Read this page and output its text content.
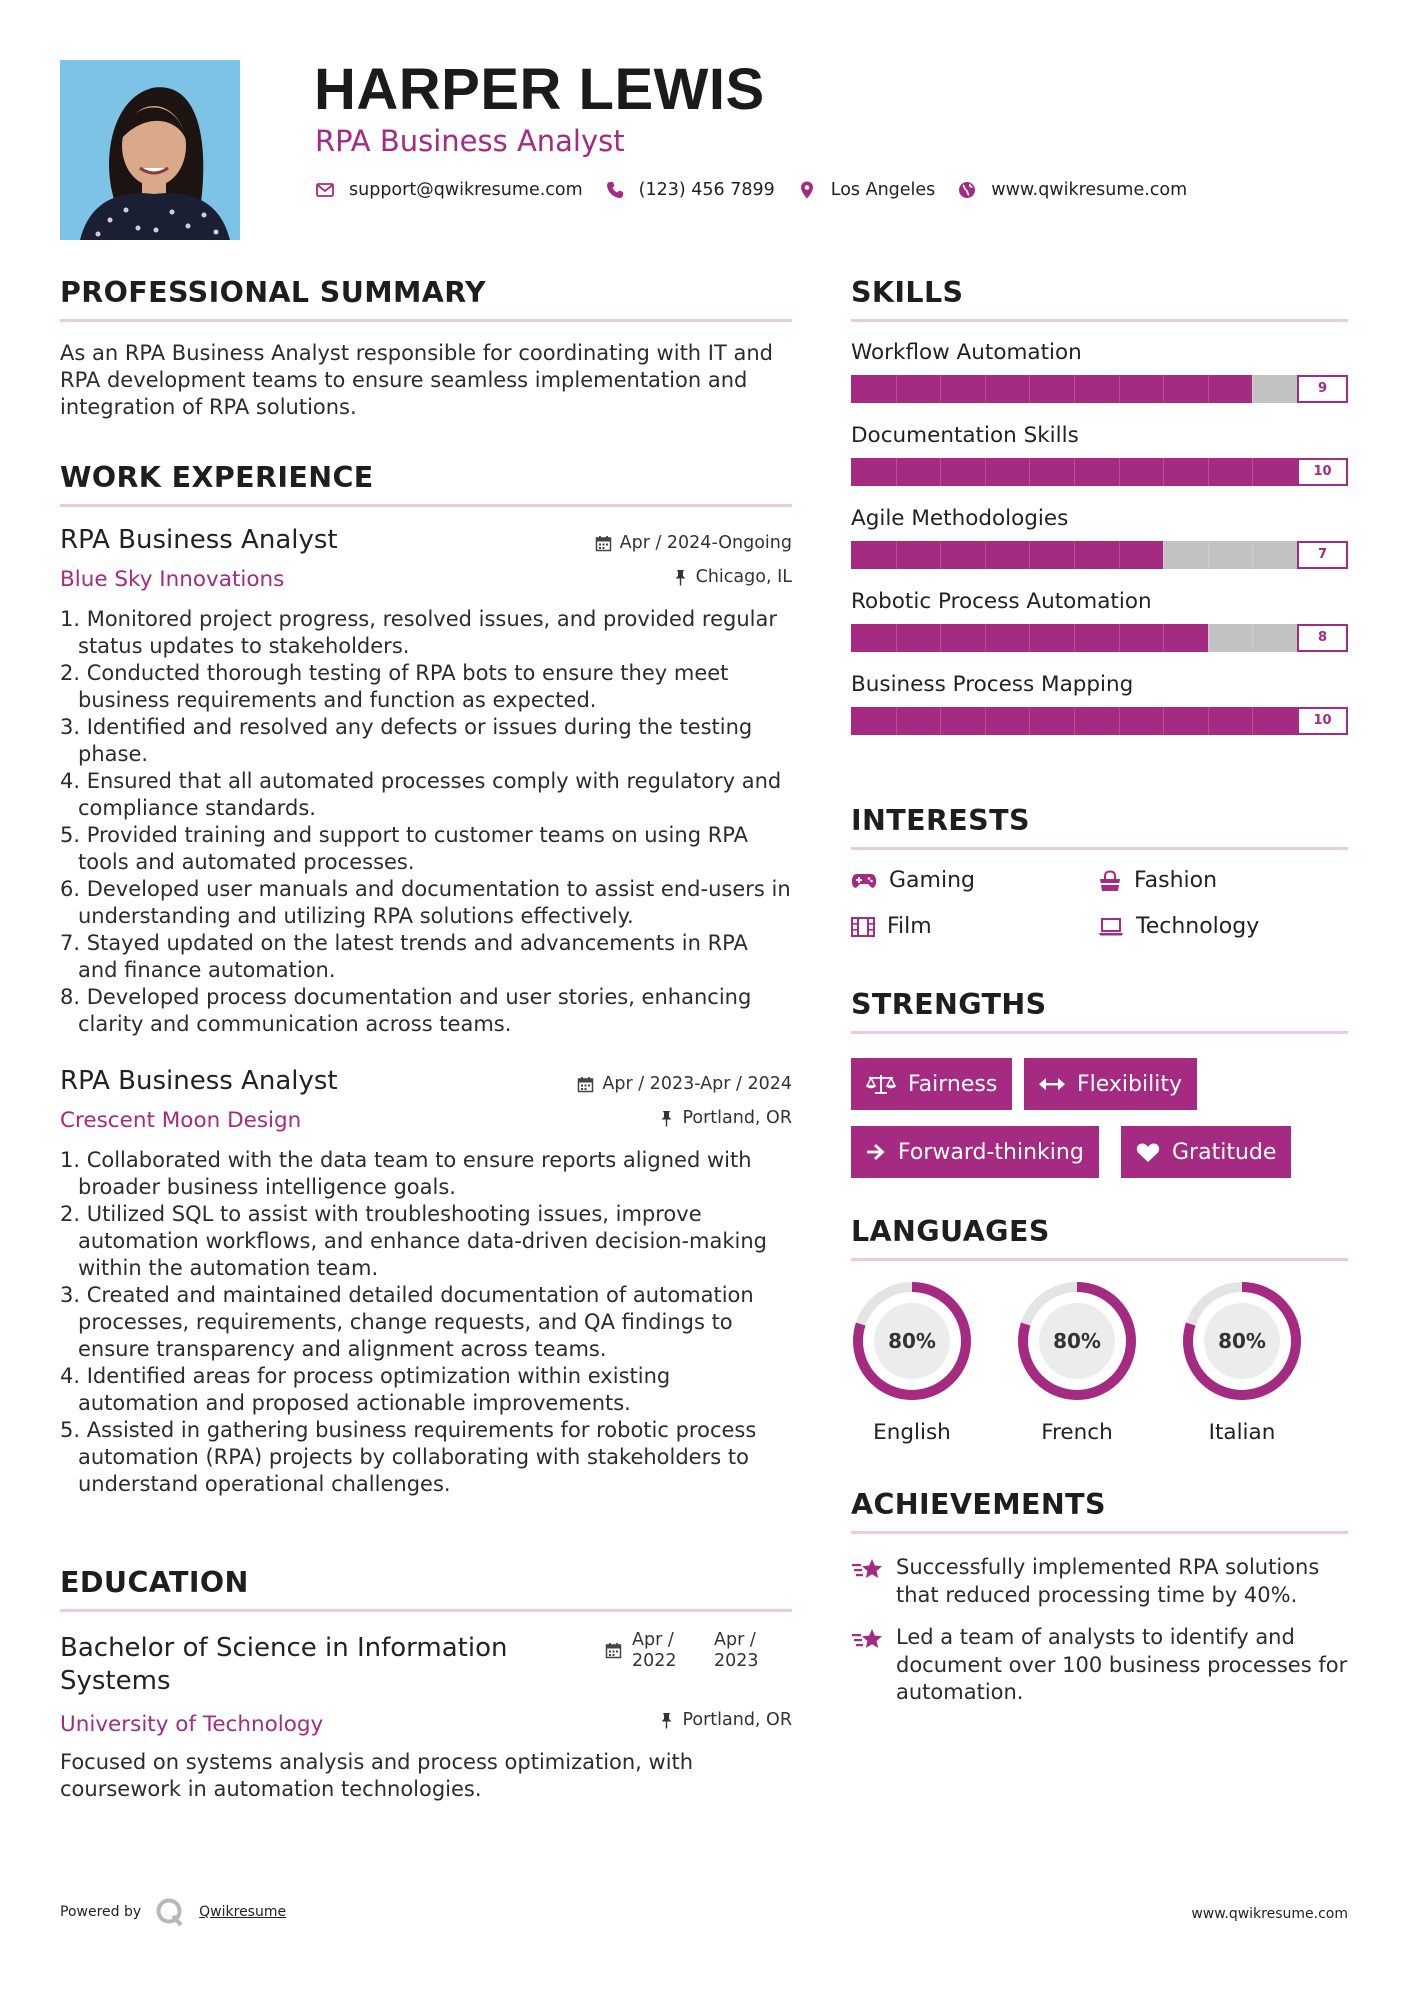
HARPER LEWIS
RPA Business Analyst
support@qwikresume.com	(123) 456 7899	Los Angeles	www.qwikresume.com
PROFESSIONAL SUMMARY
As an RPA Business Analyst responsible for coordinating with IT and RPA development teams to ensure seamless implementation and integration of RPA solutions.
WORK EXPERIENCE
RPA Business Analyst
Blue Sky Innovations
Apr / 2024-Ongoing
Chicago, IL
1. Monitored project progress, resolved issues, and provided regular status updates to stakeholders.
2. Conducted thorough testing of RPA bots to ensure they meet business requirements and function as expected.
3. Identified and resolved any defects or issues during the testing phase.
4. Ensured that all automated processes comply with regulatory and compliance standards.
5. Provided training and support to customer teams on using RPA tools and automated processes.
6. Developed user manuals and documentation to assist end-users in understanding and utilizing RPA solutions effectively.
7. Stayed updated on the latest trends and advancements in RPA and finance automation.
8. Developed process documentation and user stories, enhancing clarity and communication across teams.
RPA Business Analyst
Crescent Moon Design
Apr / 2023-Apr / 2024
Portland, OR
1. Collaborated with the data team to ensure reports aligned with broader business intelligence goals.
2. Utilized SQL to assist with troubleshooting issues, improve automation workflows, and enhance data-driven decision-making within the automation team.
3. Created and maintained detailed documentation of automation processes, requirements, change requests, and QA findings to ensure transparency and alignment across teams.
4. Identified areas for process optimization within existing automation and proposed actionable improvements.
5. Assisted in gathering business requirements for robotic process automation (RPA) projects by collaborating with stakeholders to understand operational challenges.
EDUCATION
Bachelor of Science in Information Systems
Apr /
2022
Apr /
2023
University of Technology	Portland, OR
Focused on systems analysis and process optimization, with coursework in automation technologies.
SKILLS
Workflow Automation
9
Documentation Skills
10
Agile Methodologies
7
Robotic Process Automation
8
Business Process Mapping
10
INTERESTS
Gaming	Fashion
Film	Technology
STRENGTHS
Fairness	Flexibility
Forward-thinking	Gratitude
LANGUAGES
80%
English
80%
French
80%
Italian
ACHIEVEMENTS
Successfully implemented RPA solutions that reduced processing time by 40%.
Led a team of analysts to identify and document over 100 business processes for automation.
Powered by	Qwikresume	www.qwikresume.com
